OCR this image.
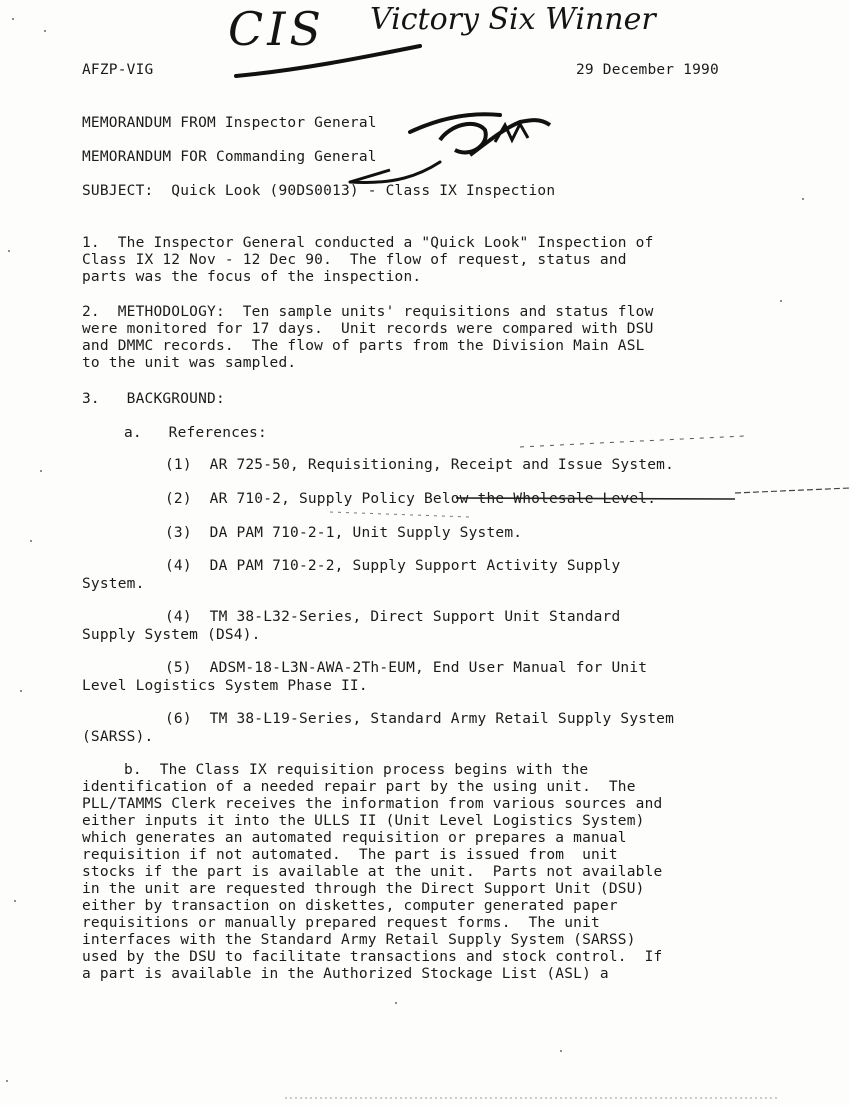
CIS Victory Six Winner
AFZP-VIG	29 December 1990
MEMORANDUM FROM Inspector General
MEMORANDUM FOR Commanding General
SUBJECT:  Quick Look (90DS0013) - Class IX Inspection
1.  The Inspector General conducted a "Quick Look" Inspection of
Class IX 12 Nov - 12 Dec 90.  The flow of request, status and
parts was the focus of the inspection.
2.  METHODOLOGY:  Ten sample units' requisitions and status flow
were monitored for 17 days.  Unit records were compared with DSU
and DMMC records.  The flow of parts from the Division Main ASL
to the unit was sampled.
3.   BACKGROUND:
a.   References:
(1)  AR 725-50, Requisitioning, Receipt and Issue System.
(2)  AR 710-2, Supply Policy Below the Wholesale Level.
(3)  DA PAM 710-2-1, Unit Supply System.
(4)  DA PAM 710-2-2, Supply Support Activity Supply
System.
(4)  TM 38-L32-Series, Direct Support Unit Standard
Supply System (DS4).
(5)  ADSM-18-L3N-AWA-2Th-EUM, End User Manual for Unit
Level Logistics System Phase II.
(6)  TM 38-L19-Series, Standard Army Retail Supply System
(SARSS).
b.  The Class IX requisition process begins with the
identification of a needed repair part by the using unit.  The
PLL/TAMMS Clerk receives the information from various sources and
either inputs it into the ULLS II (Unit Level Logistics System)
which generates an automated requisition or prepares a manual
requisition if not automated.  The part is issued from  unit
stocks if the part is available at the unit.  Parts not available
in the unit are requested through the Direct Support Unit (DSU)
either by transaction on diskettes, computer generated paper
requisitions or manually prepared request forms.  The unit
interfaces with the Standard Army Retail Supply System (SARSS)
used by the DSU to facilitate transactions and stock control.  If
a part is available in the Authorized Stockage List (ASL) a
